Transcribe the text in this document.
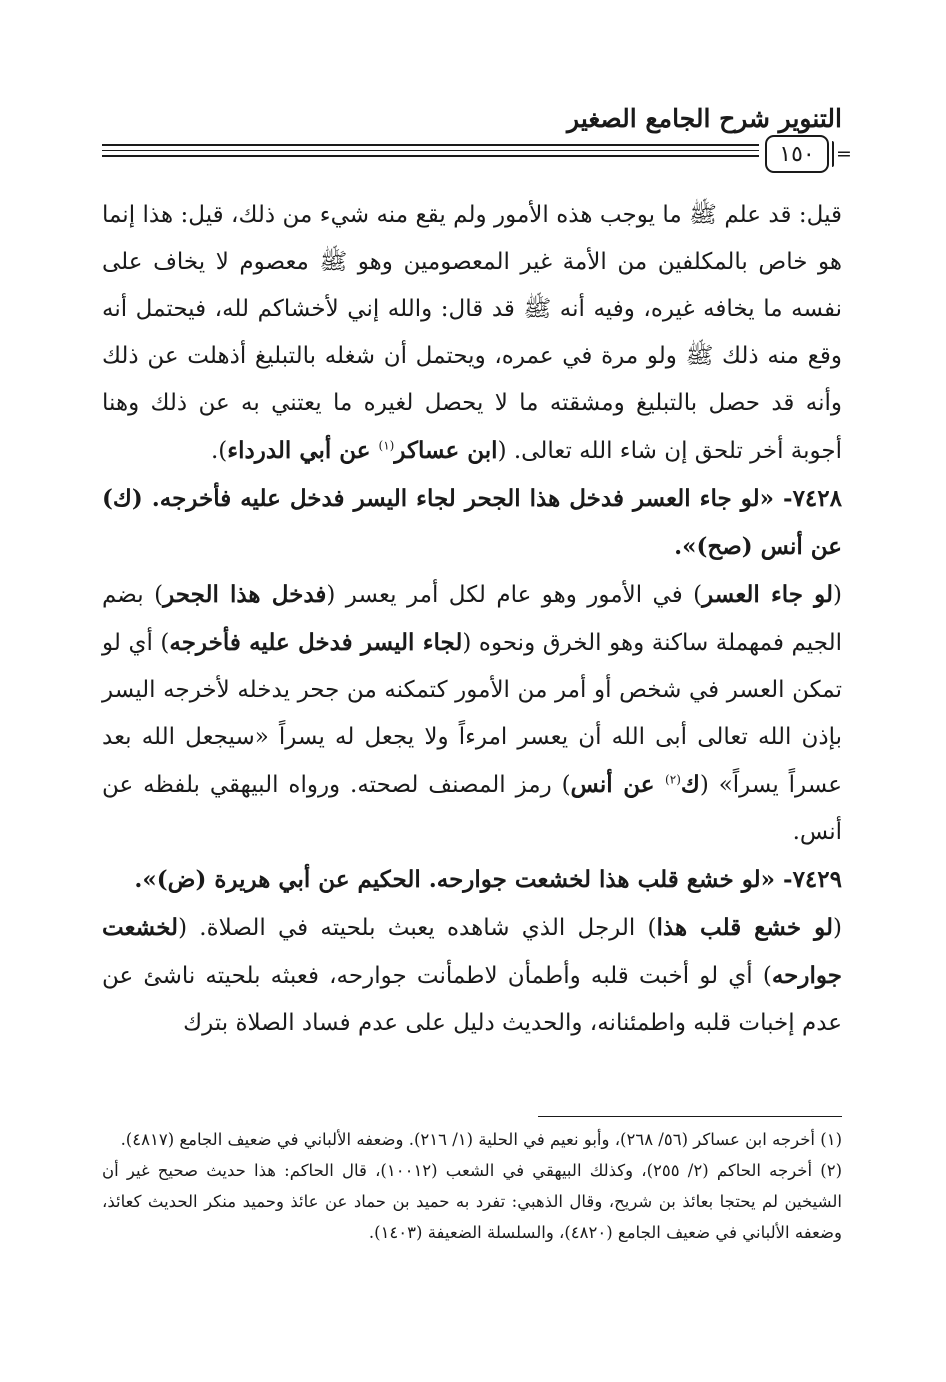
التنوير شرح الجامع الصغير
١٥٠ =

قيل: قد علم ﷺ ما يوجب هذه الأمور ولم يقع منه شيء من ذلك، قيل: هذا إنما هو خاص بالمكلفين من الأمة غير المعصومين وهو ﷺ معصوم لا يخاف على نفسه ما يخافه غيره، وفيه أنه ﷺ قد قال: والله إني لأخشاكم لله، فيحتمل أنه وقع منه ذلك ﷺ ولو مرة في عمره، ويحتمل أن شغله بالتبليغ أذهلت عن ذلك وأنه قد حصل بالتبليغ ومشقته ما لا يحصل لغيره ما يعتني به عن ذلك وهنا أجوبة أخر تلحق إن شاء الله تعالى. (ابن عساكر$^{(١)}$ عن أبي الدرداء).

٧٤٢٨- «لو جاء العسر فدخل هذا الجحر لجاء اليسر فدخل عليه فأخرجه. (ك) عن أنس (صح)».

(لو جاء العسر) في الأمور وهو عام لكل أمر يعسر (فدخل هذا الجحر) بضم الجيم فمهملة ساكنة وهو الخرق ونحوه (لجاء اليسر فدخل عليه فأخرجه) أي لو تمكن العسر في شخص أو أمر من الأمور كتمكنه من جحر يدخله لأخرجه اليسر بإذن الله تعالى أبى الله أن يعسر امرءاً ولا يجعل له يسراً «سيجعل الله بعد عسراً يسراً» (ك$^{(٢)}$ عن أنس) رمز المصنف لصحته. ورواه البيهقي بلفظه عن أنس.

٧٤٢٩- «لو خشع قلب هذا لخشعت جوارحه. الحكيم عن أبي هريرة (ض)».

(لو خشع قلب هذا) الرجل الذي شاهده يعبث بلحيته في الصلاة. (لخشعت جوارحه) أي لو أخبت قلبه وأطمأن لاطمأنت جوارحه، فعبثه بلحيته ناشئ عن عدم إخبات قلبه واطمئنانه، والحديث دليل على عدم فساد الصلاة بترك

(١) أخرجه ابن عساكر (٥٦/ ٢٦٨)، وأبو نعيم في الحلية (١/ ٢١٦). وضعفه الألباني في ضعيف الجامع (٤٨١٧).

(٢) أخرجه الحاكم (٢/ ٢٥٥)، وكذلك البيهقي في الشعب (١٠٠١٢)، قال الحاكم: هذا حديث صحيح غير أن الشيخين لم يحتجا بعائذ بن شريح، وقال الذهبي: تفرد به حميد بن حماد عن عائذ وحميد منكر الحديث كعائذ، وضعفه الألباني في ضعيف الجامع (٤٨٢٠)، والسلسلة الضعيفة (١٤٠٣).
